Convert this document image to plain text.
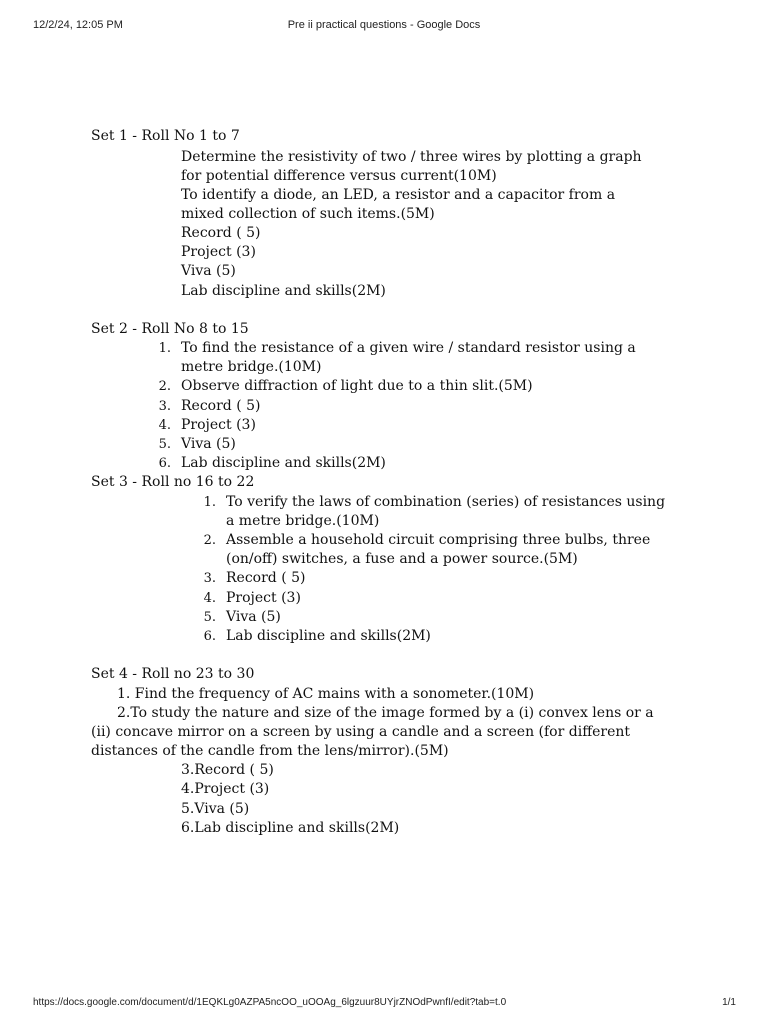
12/2/24, 12:05 PM	Pre ii practical questions - Google Docs
Set 1 - Roll No 1 to 7
Determine the resistivity of two / three wires by plotting a graph
for potential difference versus current(10M)
To identify a diode, an LED, a resistor and a capacitor from a
mixed collection of such items.(5M)
Record ( 5)
Project (3)
Viva (5)
Lab discipline and skills(2M)
Set 2 - Roll No 8 to 15
1. To find the resistance of a given wire / standard resistor using a
metre bridge.(10M)
2. Observe diffraction of light due to a thin slit.(5M)
3. Record ( 5)
4. Project (3)
5. Viva (5)
6. Lab discipline and skills(2M)
Set 3 - Roll no 16 to 22
1. To verify the laws of combination (series) of resistances using
a metre bridge.(10M)
2. Assemble a household circuit comprising three bulbs, three
(on/off) switches, a fuse and a power source.(5M)
3. Record ( 5)
4. Project (3)
5. Viva (5)
6. Lab discipline and skills(2M)
Set 4 - Roll no 23 to 30
1. Find the frequency of AC mains with a sonometer.(10M)
2.To study the nature and size of the image formed by a (i) convex lens or a
(ii) concave mirror on a screen by using a candle and a screen (for different
distances of the candle from the lens/mirror).(5M)
3.Record ( 5)
4.Project (3)
5.Viva (5)
6.Lab discipline and skills(2M)
https://docs.google.com/document/d/1EQKLg0AZPA5ncOO_uOOAg_6lgzuur8UYjrZNOdPwnfI/edit?tab=t.0	1/1
